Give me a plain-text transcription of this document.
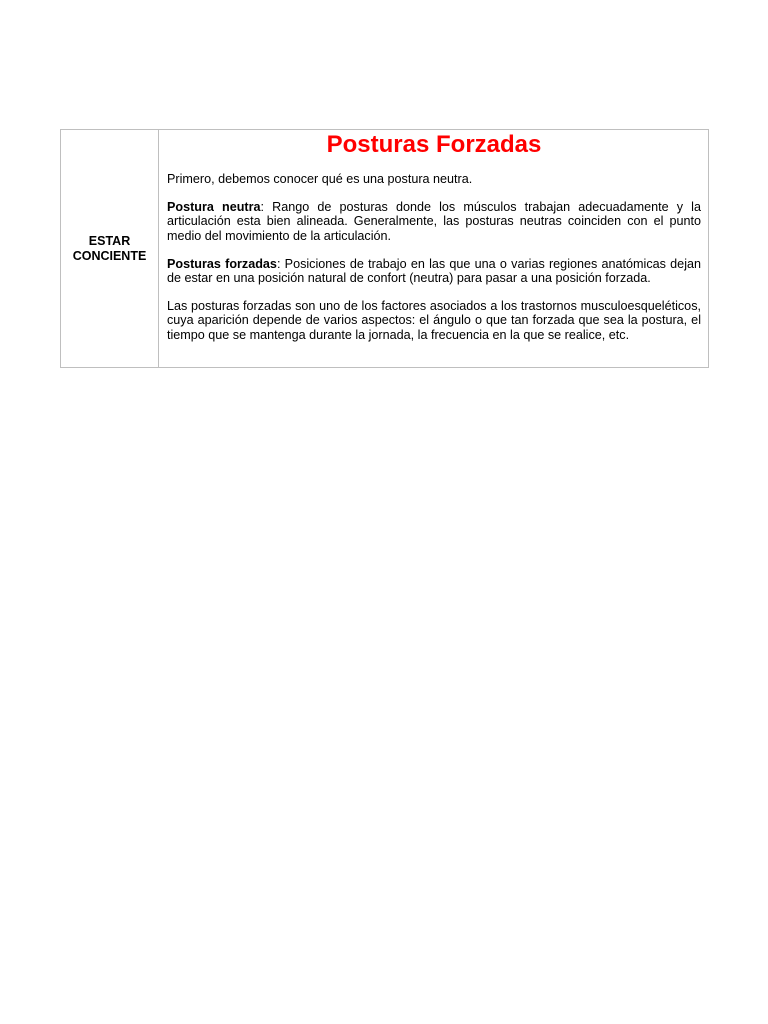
ESTAR
CONCIENTE
Posturas Forzadas

Primero, debemos conocer qué es una postura neutra.

Postura neutra: Rango de posturas donde los músculos trabajan adecuadamente y la articulación esta bien alineada. Generalmente, las posturas neutras coinciden con el punto medio del movimiento de la articulación.

Posturas forzadas: Posiciones de trabajo en las que una o varias regiones anatómicas dejan de estar en una posición natural de confort (neutra) para pasar a una posición forzada.

Las posturas forzadas son uno de los factores asociados a los trastornos musculoesqueléticos, cuya aparición depende de varios aspectos: el ángulo o que tan forzada que sea la postura, el tiempo que se mantenga durante la jornada, la frecuencia en la que se realice, etc.
